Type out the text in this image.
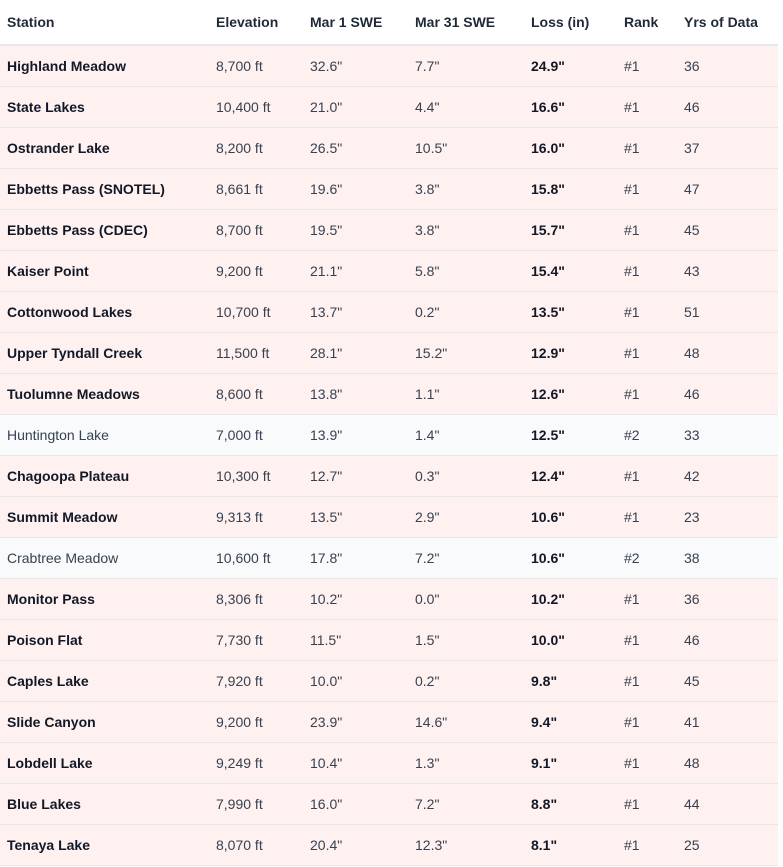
Station	Elevation	Mar 1 SWE	Mar 31 SWE	Loss (in)	Rank	Yrs of Data
Highland Meadow	8,700 ft	32.6"	7.7"	24.9"	#1	36
State Lakes	10,400 ft	21.0"	4.4"	16.6"	#1	46
Ostrander Lake	8,200 ft	26.5"	10.5"	16.0"	#1	37
Ebbetts Pass (SNOTEL)	8,661 ft	19.6"	3.8"	15.8"	#1	47
Ebbetts Pass (CDEC)	8,700 ft	19.5"	3.8"	15.7"	#1	45
Kaiser Point	9,200 ft	21.1"	5.8"	15.4"	#1	43
Cottonwood Lakes	10,700 ft	13.7"	0.2"	13.5"	#1	51
Upper Tyndall Creek	11,500 ft	28.1"	15.2"	12.9"	#1	48
Tuolumne Meadows	8,600 ft	13.8"	1.1"	12.6"	#1	46
Huntington Lake	7,000 ft	13.9"	1.4"	12.5"	#2	33
Chagoopa Plateau	10,300 ft	12.7"	0.3"	12.4"	#1	42
Summit Meadow	9,313 ft	13.5"	2.9"	10.6"	#1	23
Crabtree Meadow	10,600 ft	17.8"	7.2"	10.6"	#2	38
Monitor Pass	8,306 ft	10.2"	0.0"	10.2"	#1	36
Poison Flat	7,730 ft	11.5"	1.5"	10.0"	#1	46
Caples Lake	7,920 ft	10.0"	0.2"	9.8"	#1	45
Slide Canyon	9,200 ft	23.9"	14.6"	9.4"	#1	41
Lobdell Lake	9,249 ft	10.4"	1.3"	9.1"	#1	48
Blue Lakes	7,990 ft	16.0"	7.2"	8.8"	#1	44
Tenaya Lake	8,070 ft	20.4"	12.3"	8.1"	#1	25
